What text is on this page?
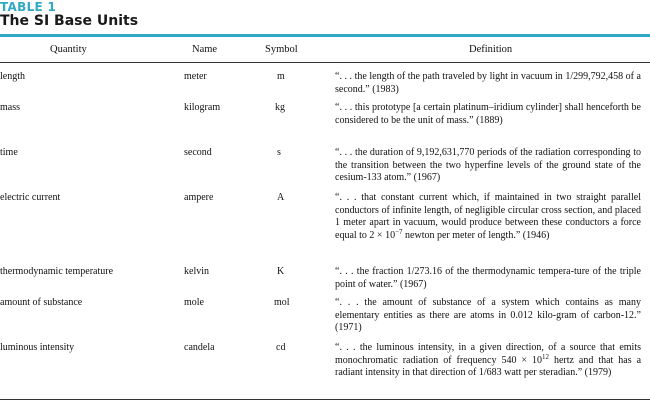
TABLE 1
The SI Base Units
Quantity	Name	Symbol	Definition
length	meter	m	“. . . the length of the path traveled by light in vacuum in 1/299,792,458 of a second.” (1983)
mass	kilogram	kg	“. . . this prototype [a certain platinum–iridium cylinder] shall henceforth be considered to be the unit of mass.” (1889)
time	second	s	“. . . the duration of 9,192,631,770 periods of the radiation corresponding to the transition between the two hyperfine levels of the ground state of the cesium-133 atom.” (1967)
electric current	ampere	A	“. . . that constant current which, if maintained in two straight parallel conductors of infinite length, of negligible circular cross section, and placed 1 meter apart in vacuum, would produce between these conductors a force equal to $2 \times 10^{-7}$ newton per meter of length.” (1946)
thermodynamic temperature	kelvin	K	“. . . the fraction 1/273.16 of the thermodynamic tempera-ture of the triple point of water.” (1967)
amount of substance	mole	mol	“. . . the amount of substance of a system which contains as many elementary entities as there are atoms in 0.012 kilo-gram of carbon-12.” (1971)
luminous intensity	candela	cd	“. . . the luminous intensity, in a given direction, of a source that emits monochromatic radiation of frequency $540 \times 10^{12}$ hertz and that has a radiant intensity in that direction of 1/683 watt per steradian.” (1979)
